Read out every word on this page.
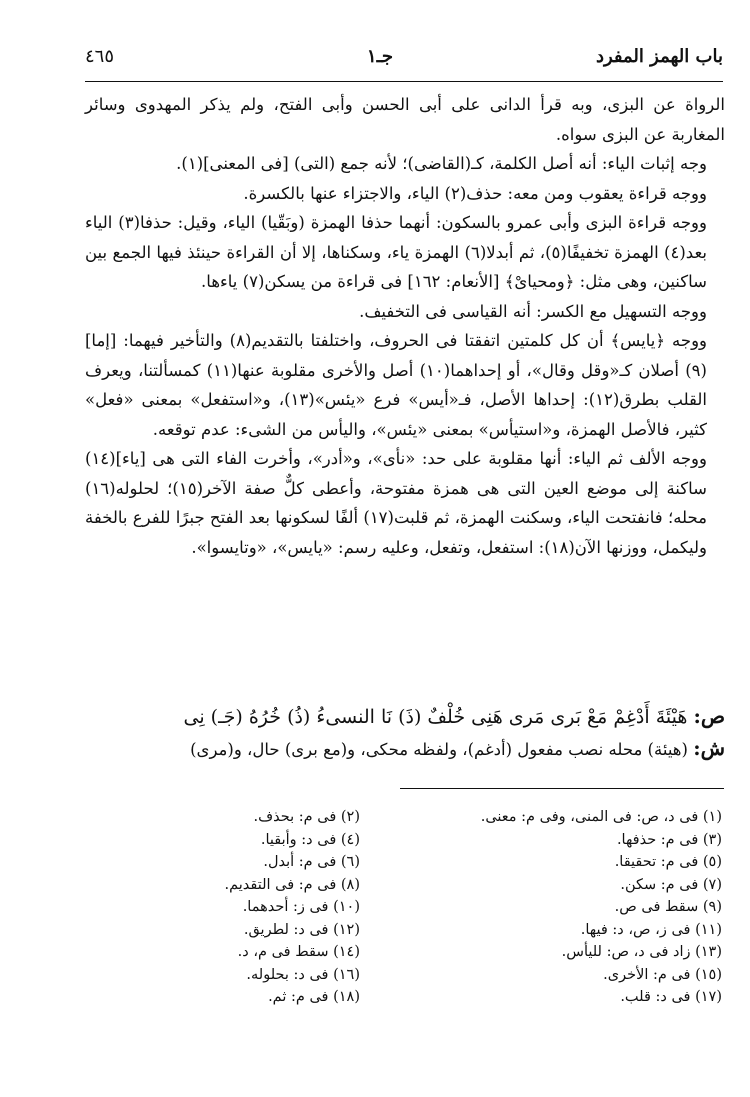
باب الهمز المفرد
جـ١
٤٦٥

الرواة عن البزى، وبه قرأ الدانى على أبى الحسن وأبى الفتح، ولم يذكر المهدوى وسائر المغاربة عن البزى سواه.

وجه إثبات الياء: أنه أصل الكلمة، كـ(القاضى)؛ لأنه جمع (التى) [فى المعنى](١).

ووجه قراءة يعقوب ومن معه: حذف(٢) الياء، والاجتزاء عنها بالكسرة.

ووجه قراءة البزى وأبى عمرو بالسكون: أنهما حذفا الهمزة (وبَقّيا) الياء، وقيل: حذفا(٣) الياء بعد(٤) الهمزة تخفيفًا(٥)، ثم أبدلا(٦) الهمزة ياء، وسكناها، إلا أن القراءة حينئذ فيها الجمع بين ساكنين، وهى مثل: ﴿ومحيایْ﴾ [الأنعام: ١٦٢] فى قراءة من يسكن(٧) ياءها.

ووجه التسهيل مع الكسر: أنه القياسى فى التخفيف.

ووجه ﴿يايس﴾ أن كل كلمتين اتفقتا فى الحروف، واختلفتا بالتقديم(٨) والتأخير فيهما: [إما](٩) أصلان كـ«وقل وقال»، أو إحداهما(١٠) أصل والأخرى مقلوبة عنها(١١) كمسألتنا، ويعرف القلب بطرق(١٢): إحداها الأصل، فـ«أيس» فرع «يئس»(١٣)، و«استفعل» بمعنى «فعل» كثير، فالأصل الهمزة، و«استيأس» بمعنى «يئس»، واليأس من الشىء: عدم توقعه.

ووجه الألف ثم الياء: أنها مقلوبة على حد: «نأى»، و«أدر»، وأخرت الفاء التى هى [ياء](١٤) ساكنة إلى موضع العين التى هى همزة مفتوحة، وأعطى كلٌّ صفة الآخر(١٥)؛ لحلوله(١٦) محله؛ فانفتحت الياء، وسكنت الهمزة، ثم قلبت(١٧) ألفًا لسكونها بعد الفتح جبرًا للفرع بالخفة وليكمل، ووزنها الآن(١٨): استفعل، وتفعل، وعليه رسم: «يايس»، «وتايسوا».

ص: هَيْئَةَ أَدْغِمْ مَعْ بَرى مَرى هَنِى خُلْفٌ (ذَ) نَا النسىءُ (ذُ) خُرُهُ (جَـ) نِى
ش: (هيئة) محله نصب مفعول (أدغم)، ولفظه محكى، و(مع برى) حال، و(مرى)
(١) فى د، ص: فى المنى، وفى م: معنى.
(٣) فى م: حذفها.
(٥) فى م: تحقيقا.
(٧) فى م: سكن.
(٩) سقط فى ص.
(١١) فى ز، ص، د: فيها.
(١٣) زاد فى د، ص: لليأس.
(١٥) فى م: الأخرى.
(١٧) فى د: قلب.
(٢) فى م: بحذف.
(٤) فى د: وأبقيا.
(٦) فى م: أبدل.
(٨) فى م: فى التقديم.
(١٠) فى ز: أحدهما.
(١٢) فى د: لطريق.
(١٤) سقط فى م، د.
(١٦) فى د: بحلوله.
(١٨) فى م: ثم.
